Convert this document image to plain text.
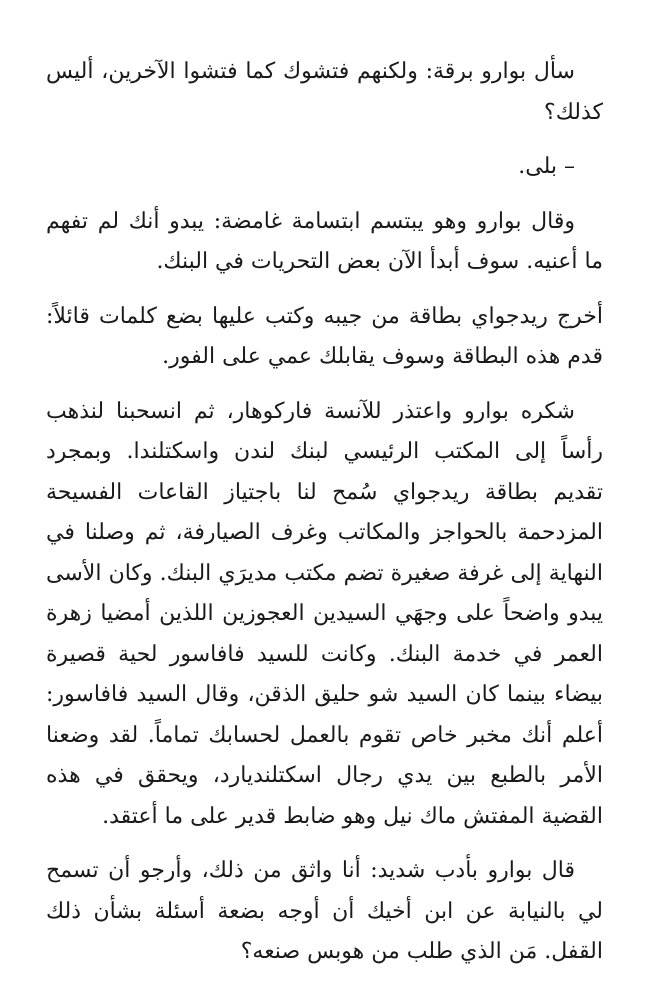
سأل بوارو برقة: ولكنهم فتشوك كما فتشوا الآخرين، أليس كذلك؟

– بلى.

وقال بوارو وهو يبتسم ابتسامة غامضة: يبدو أنك لم تفهم ما أعنيه. سوف أبدأ الآن بعض التحريات في البنك.

أخرج ريدجواي بطاقة من جيبه وكتب عليها بضع كلمات قائلاً: قدم هذه البطاقة وسوف يقابلك عمي على الفور.

شكره بوارو واعتذر للآنسة فاركوهار، ثم انسحبنا لنذهب رأساً إلى المكتب الرئيسي لبنك لندن واسكتلندا. وبمجرد تقديم بطاقة ريدجواي سُمح لنا باجتياز القاعات الفسيحة المزدحمة بالحواجز والمكاتب وغرف الصيارفة، ثم وصلنا في النهاية إلى غرفة صغيرة تضم مكتب مديرَي البنك. وكان الأسى يبدو واضحاً على وجهَي السيدين العجوزين اللذين أمضيا زهرة العمر في خدمة البنك. وكانت للسيد فافاسور لحية قصيرة بيضاء بينما كان السيد شو حليق الذقن، وقال السيد فافاسور: أعلم أنك مخبر خاص تقوم بالعمل لحسابك تماماً. لقد وضعنا الأمر بالطبع بين يدي رجال اسكتلنديارد، ويحقق في هذه القضية المفتش ماك نيل وهو ضابط قدير على ما أعتقد.

قال بوارو بأدب شديد: أنا واثق من ذلك، وأرجو أن تسمح لي بالنيابة عن ابن أخيك أن أوجه بضعة أسئلة بشأن ذلك القفل. مَن الذي طلب من هوبس صنعه؟
